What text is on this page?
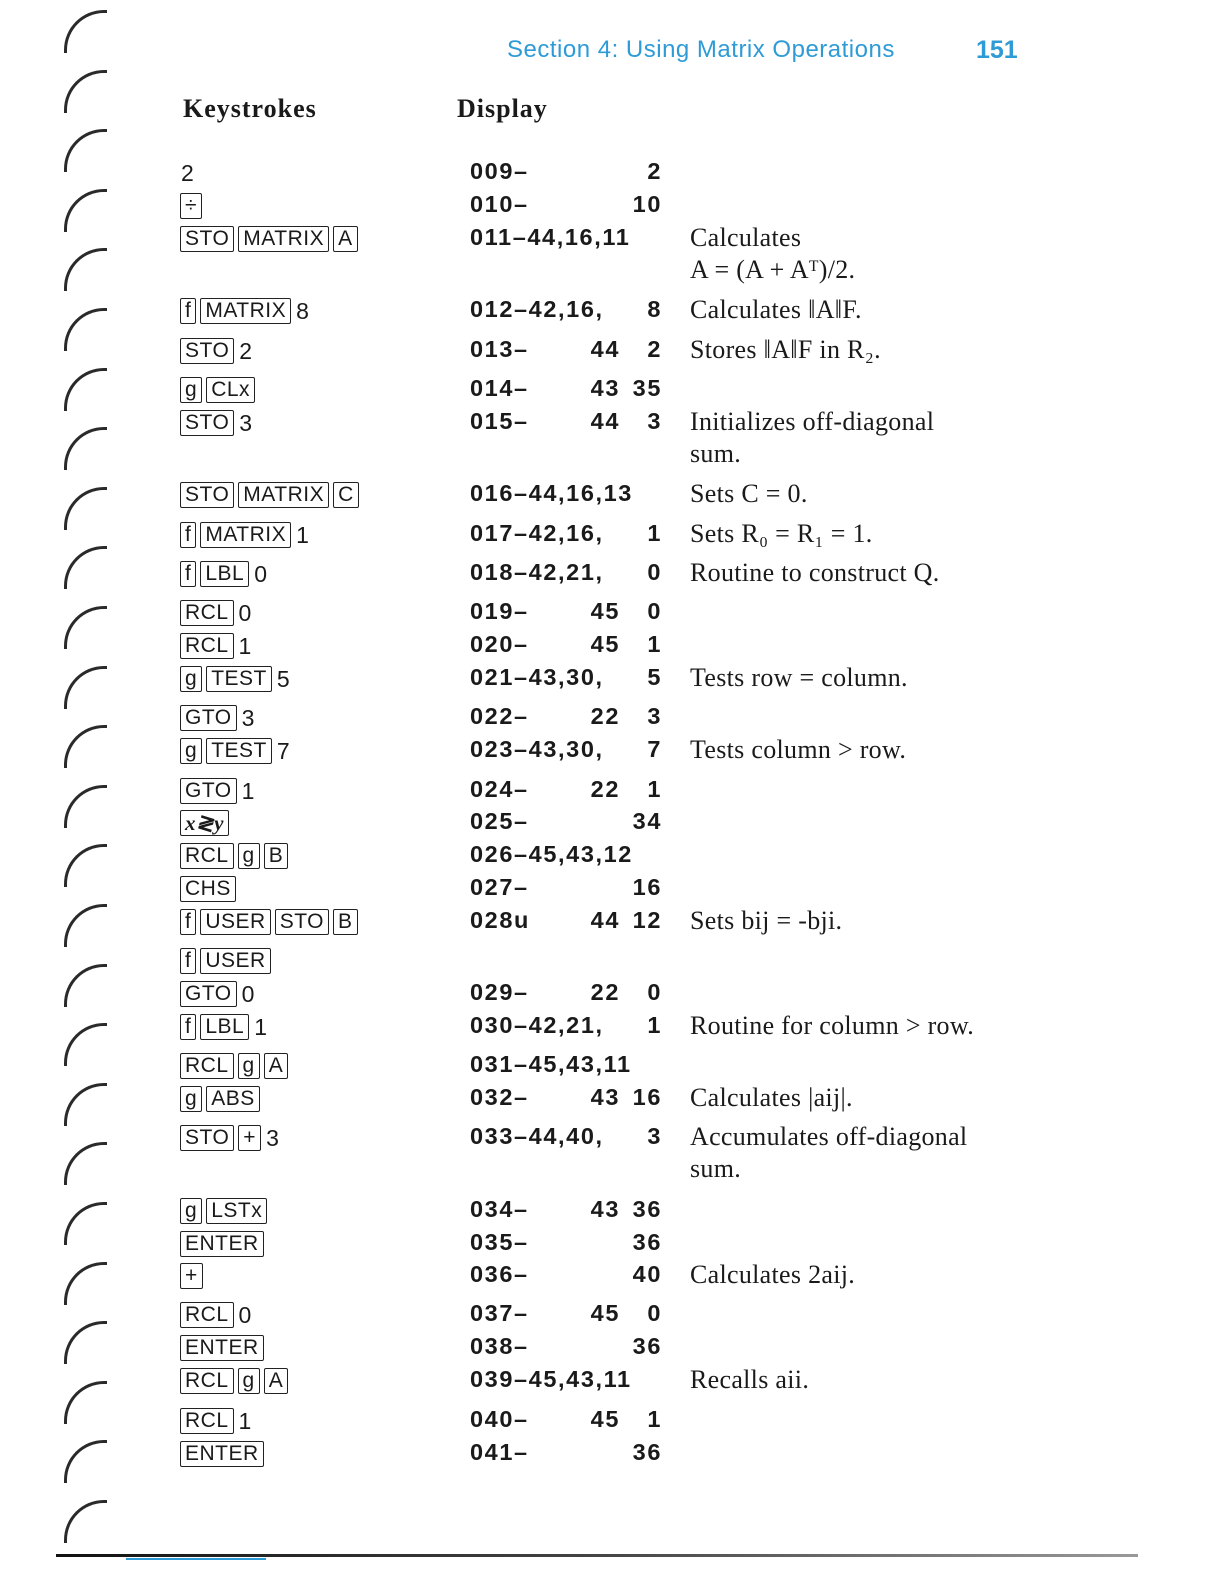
Section 4: Using Matrix Operations	151
Keystrokes	Display
2	009–	2
÷	010–	10
STO MATRIX A	011–44,16,11 Calculates
A = (A + Aᵀ)/2.
f MATRIX 8	012–42,16, 8 Calculates ‖A‖F.
STO 2	013–	44 2 Stores ‖A‖F in R₂.
g CLx	014–	43 35
STO 3	015–	44 3 Initializes off-diagonal
sum.
STO MATRIX C	016–44,16,13 Sets C = 0.
f MATRIX 1	017–42,16, 1 Sets R₀ = R₁ = 1.
f LBL 0	018–42,21, 0 Routine to construct Q.
RCL 0	019–	45 0
RCL 1	020–	45 1
g TEST 5	021–43,30, 5 Tests row = column.
GTO 3	022–	22 3
g TEST 7	023–43,30, 7 Tests column > row.
GTO 1	024–	22 1
x≷y	025–	34
RCL g B	026–45,43,12
CHS	027–	16
f USER STO B	028u	44 12 Sets bij = -bji.
f USER
GTO 0	029–	22 0
f LBL 1	030–42,21, 1 Routine for column > row.
RCL g A	031–45,43,11
g ABS	032–	43 16 Calculates |aij|.
STO + 3	033–44,40, 3 Accumulates off-diagonal
sum.
g LSTx	034–	43 36
ENTER	035–	36
+	036–	40 Calculates 2aij.
RCL 0	037–	45 0
ENTER	038–	36
RCL g A	039–45,43,11 Recalls aii.
RCL 1	040–	45 1
ENTER	041–	36
